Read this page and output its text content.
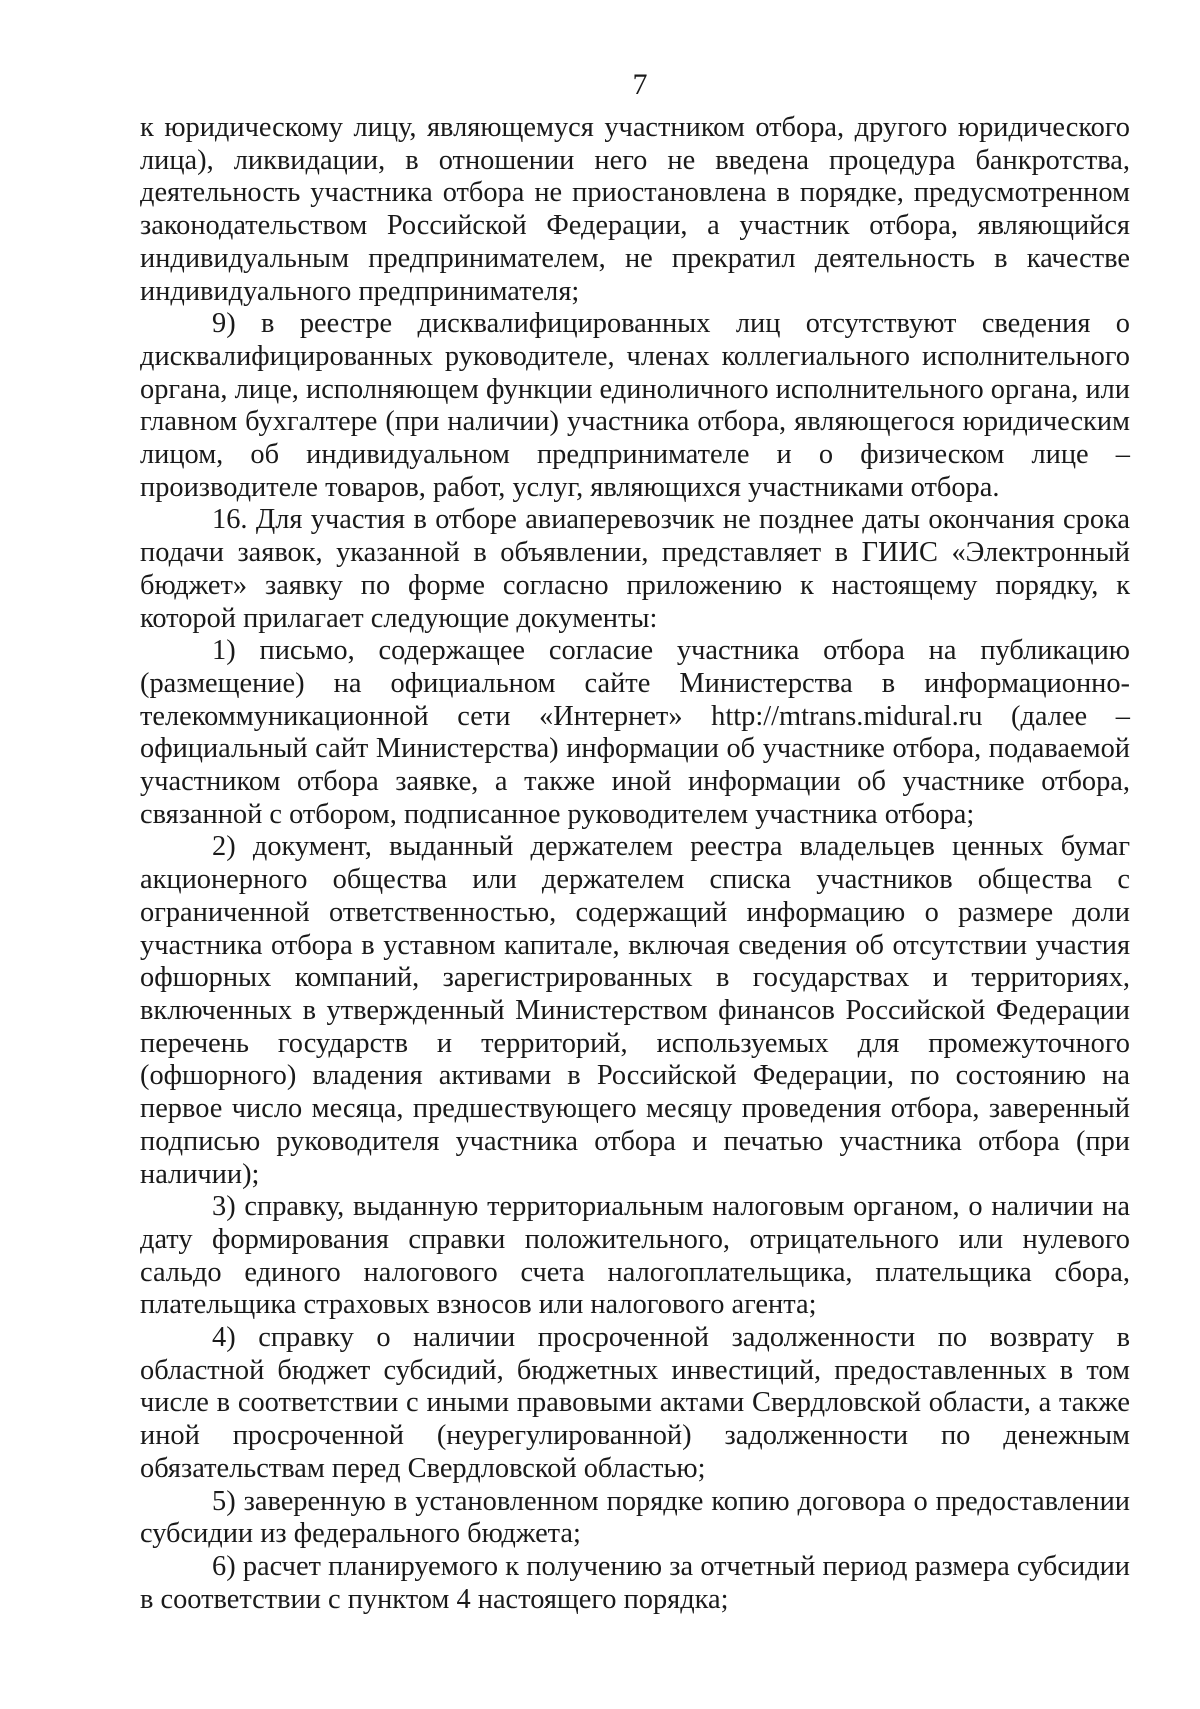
7

к юридическому лицу, являющемуся участником отбора, другого юридического лица), ликвидации, в отношении него не введена процедура банкротства, деятельность участника отбора не приостановлена в порядке, предусмотренном законодательством Российской Федерации, а участник отбора, являющийся индивидуальным предпринимателем, не прекратил деятельность в качестве индивидуального предпринимателя;

9) в реестре дисквалифицированных лиц отсутствуют сведения о дисквалифицированных руководителе, членах коллегиального исполнительного органа, лице, исполняющем функции единоличного исполнительного органа, или главном бухгалтере (при наличии) участника отбора, являющегося юридическим лицом, об индивидуальном предпринимателе и о физическом лице – производителе товаров, работ, услуг, являющихся участниками отбора.

16. Для участия в отборе авиаперевозчик не позднее даты окончания срока подачи заявок, указанной в объявлении, представляет в ГИИС «Электронный бюджет» заявку по форме согласно приложению к настоящему порядку, к которой прилагает следующие документы:

1) письмо, содержащее согласие участника отбора на публикацию (размещение) на официальном сайте Министерства в информационно-телекоммуникационной сети «Интернет» http://mtrans.midural.ru (далее – официальный сайт Министерства) информации об участнике отбора, подаваемой участником отбора заявке, а также иной информации об участнике отбора, связанной с отбором, подписанное руководителем участника отбора;

2) документ, выданный держателем реестра владельцев ценных бумаг акционерного общества или держателем списка участников общества с ограниченной ответственностью, содержащий информацию о размере доли участника отбора в уставном капитале, включая сведения об отсутствии участия офшорных компаний, зарегистрированных в государствах и территориях, включенных в утвержденный Министерством финансов Российской Федерации перечень государств и территорий, используемых для промежуточного (офшорного) владения активами в Российской Федерации, по состоянию на первое число месяца, предшествующего месяцу проведения отбора, заверенный подписью руководителя участника отбора и печатью участника отбора (при наличии);

3) справку, выданную территориальным налоговым органом, о наличии на дату формирования справки положительного, отрицательного или нулевого сальдо единого налогового счета налогоплательщика, плательщика сбора, плательщика страховых взносов или налогового агента;

4) справку о наличии просроченной задолженности по возврату в областной бюджет субсидий, бюджетных инвестиций, предоставленных в том числе в соответствии с иными правовыми актами Свердловской области, а также иной просроченной (неурегулированной) задолженности по денежным обязательствам перед Свердловской областью;

5) заверенную в установленном порядке копию договора о предоставлении субсидии из федерального бюджета;

6) расчет планируемого к получению за отчетный период размера субсидии в соответствии с пунктом 4 настоящего порядка;
